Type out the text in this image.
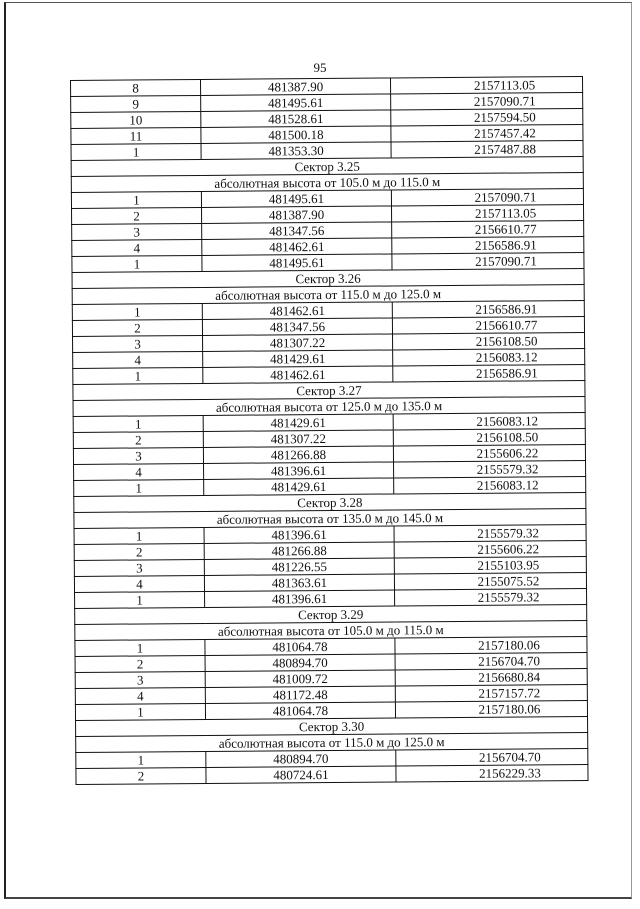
95
8	481387.90	2157113.05
9	481495.61	2157090.71
10	481528.61	2157594.50
11	481500.18	2157457.42
1	481353.30	2157487.88
Сектор 3.25		
абсолютная высота от 105.0 м до 115.0 м		
1	481495.61	2157090.71
2	481387.90	2157113.05
3	481347.56	2156610.77
4	481462.61	2156586.91
1	481495.61	2157090.71
Сектор 3.26		
абсолютная высота от 115.0 м до 125.0 м		
1	481462.61	2156586.91
2	481347.56	2156610.77
3	481307.22	2156108.50
4	481429.61	2156083.12
1	481462.61	2156586.91
Сектор 3.27		
абсолютная высота от 125.0 м до 135.0 м		
1	481429.61	2156083.12
2	481307.22	2156108.50
3	481266.88	2155606.22
4	481396.61	2155579.32
1	481429.61	2156083.12
Сектор 3.28		
абсолютная высота от 135.0 м до 145.0 м		
1	481396.61	2155579.32
2	481266.88	2155606.22
3	481226.55	2155103.95
4	481363.61	2155075.52
1	481396.61	2155579.32
Сектор 3.29		
абсолютная высота от 105.0 м до 115.0 м		
1	481064.78	2157180.06
2	480894.70	2156704.70
3	481009.72	2156680.84
4	481172.48	2157157.72
1	481064.78	2157180.06
Сектор 3.30		
абсолютная высота от 115.0 м до 125.0 м		
1	480894.70	2156704.70
2	480724.61	2156229.33
